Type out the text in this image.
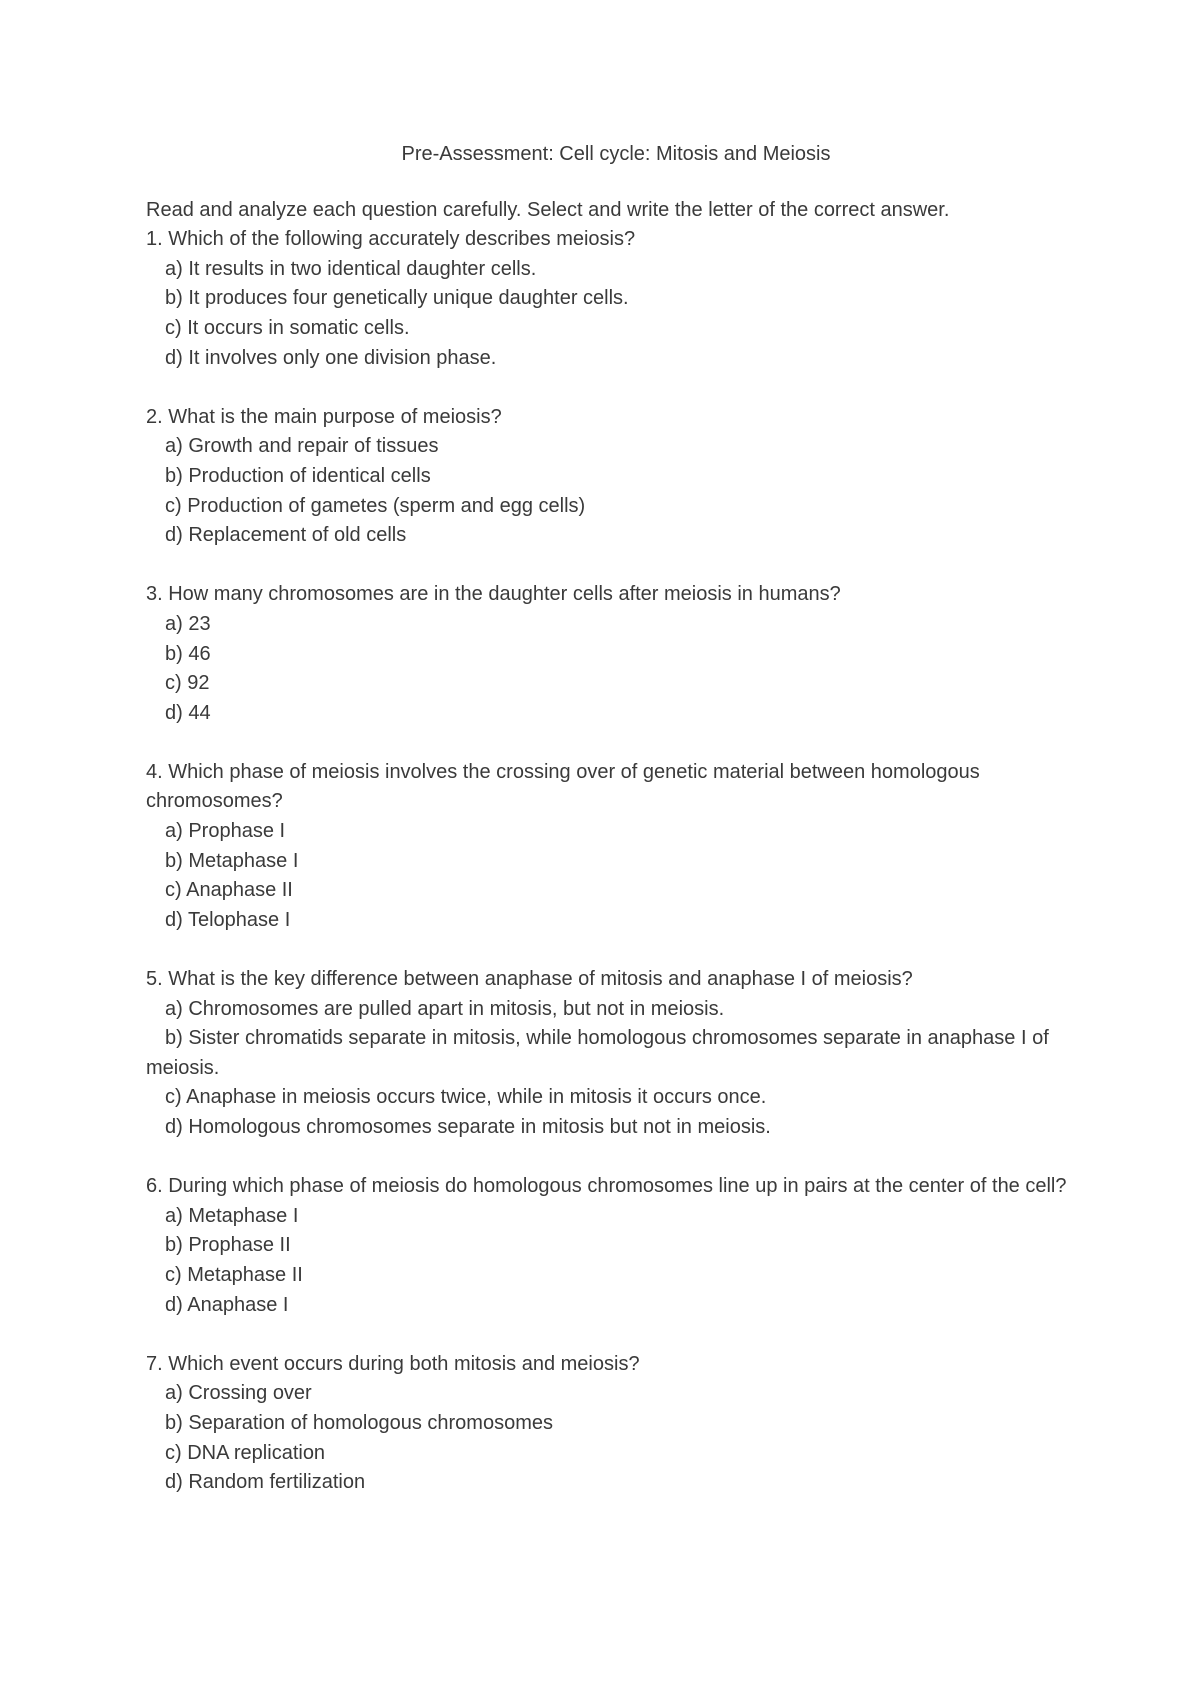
Pre-Assessment: Cell cycle: Mitosis and Meiosis

Read and analyze each question carefully. Select and write the letter of the correct answer.

1. Which of the following accurately describes meiosis?

a) It results in two identical daughter cells.
b) It produces four genetically unique daughter cells.
c) It occurs in somatic cells.
d) It involves only one division phase.

2. What is the main purpose of meiosis?

a) Growth and repair of tissues
b) Production of identical cells
c) Production of gametes (sperm and egg cells)
d) Replacement of old cells

3. How many chromosomes are in the daughter cells after meiosis in humans?

a) 23
b) 46
c) 92
d) 44

4. Which phase of meiosis involves the crossing over of genetic material between homologous chromosomes?

a) Prophase I
b) Metaphase I
c) Anaphase II
d) Telophase I

5. What is the key difference between anaphase of mitosis and anaphase I of meiosis?

a) Chromosomes are pulled apart in mitosis, but not in meiosis.
b) Sister chromatids separate in mitosis, while homologous chromosomes separate in anaphase I of meiosis.
c) Anaphase in meiosis occurs twice, while in mitosis it occurs once.
d) Homologous chromosomes separate in mitosis but not in meiosis.

6. During which phase of meiosis do homologous chromosomes line up in pairs at the center of the cell?

a) Metaphase I
b) Prophase II
c) Metaphase II
d) Anaphase I

7. Which event occurs during both mitosis and meiosis?

a) Crossing over
b) Separation of homologous chromosomes
c) DNA replication
d) Random fertilization
